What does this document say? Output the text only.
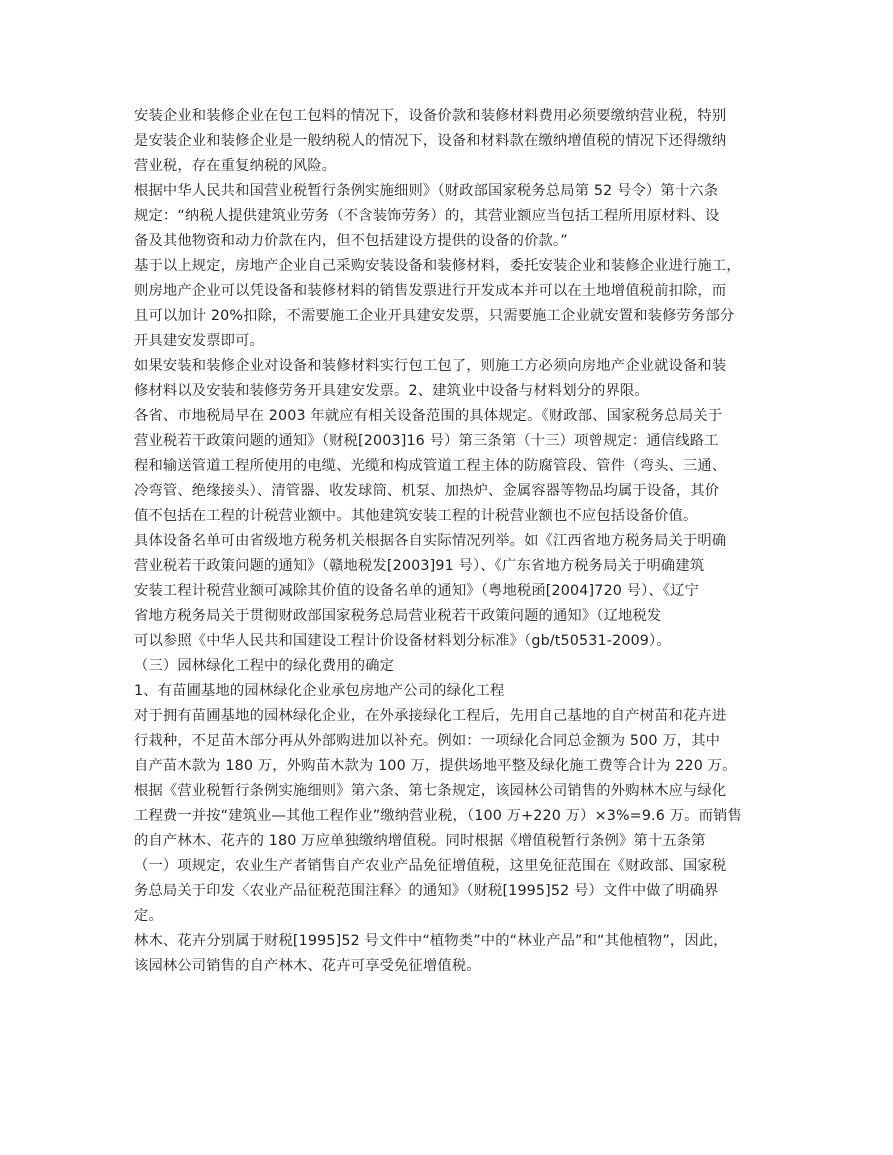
安装企业和装修企业在包工包料的情况下，设备价款和装修材料费用必须要缴纳营业税，特别
是安装企业和装修企业是一般纳税人的情况下，设备和材料款在缴纳增值税的情况下还得缴纳
营业税，存在重复纳税的风险。
根据中华人民共和国营业税暂行条例实施细则》（财政部国家税务总局第 52 号令）第十六条
规定：“纳税人提供建筑业劳务（不含装饰劳务）的，其营业额应当包括工程所用原材料、设
备及其他物资和动力价款在内，但不包括建设方提供的设备的价款。”
基于以上规定，房地产企业自己采购安装设备和装修材料，委托安装企业和装修企业进行施工，
则房地产企业可以凭设备和装修材料的销售发票进行开发成本并可以在土地增值税前扣除，而
且可以加计 20%扣除，不需要施工企业开具建安发票，只需要施工企业就安置和装修劳务部分
开具建安发票即可。
如果安装和装修企业对设备和装修材料实行包工包了，则施工方必须向房地产企业就设备和装
修材料以及安装和装修劳务开具建安发票。2、建筑业中设备与材料划分的界限。
各省、市地税局早在 2003 年就应有相关设备范围的具体规定。《财政部、国家税务总局关于
营业税若干政策问题的通知》（财税[2003]16 号）第三条第（十三）项曾规定：通信线路工
程和输送管道工程所使用的电缆、光缆和构成管道工程主体的防腐管段、管件（弯头、三通、
冷弯管、绝缘接头）、清管器、收发球筒、机泵、加热炉、金属容器等物品均属于设备，其价
值不包括在工程的计税营业额中。其他建筑安装工程的计税营业额也不应包括设备价值。
具体设备名单可由省级地方税务机关根据各自实际情况列举。如《江西省地方税务局关于明确
营业税若干政策问题的通知》（赣地税发[2003]91 号）、《广东省地方税务局关于明确建筑
安装工程计税营业额可减除其价值的设备名单的通知》（粤地税函[2004]720 号）、《辽宁
省地方税务局关于贯彻财政部国家税务总局营业税若干政策问题的通知》（辽地税发
可以参照《中华人民共和国建设工程计价设备材料划分标准》（gb/t50531-2009）。
（三）园林绿化工程中的绿化费用的确定
1、有苗圃基地的园林绿化企业承包房地产公司的绿化工程
对于拥有苗圃基地的园林绿化企业，在外承接绿化工程后，先用自己基地的自产树苗和花卉进
行栽种，不足苗木部分再从外部购进加以补充。例如：一项绿化合同总金额为 500 万，其中
自产苗木款为 180 万，外购苗木款为 100 万，提供场地平整及绿化施工费等合计为 220 万。
根据《营业税暂行条例实施细则》第六条、第七条规定，该园林公司销售的外购林木应与绿化
工程费一并按“建筑业—其他工程作业”缴纳营业税，（100 万+220 万）×3%=9.6 万。而销售
的自产林木、花卉的 180 万应单独缴纳增值税。同时根据《增值税暂行条例》第十五条第
（一）项规定，农业生产者销售自产农业产品免征增值税，这里免征范围在《财政部、国家税
务总局关于印发〈农业产品征税范围注释〉的通知》（财税[1995]52 号）文件中做了明确界
定。
林木、花卉分别属于财税[1995]52 号文件中“植物类”中的“林业产品”和“其他植物”，因此，
该园林公司销售的自产林木、花卉可享受免征增值税。
